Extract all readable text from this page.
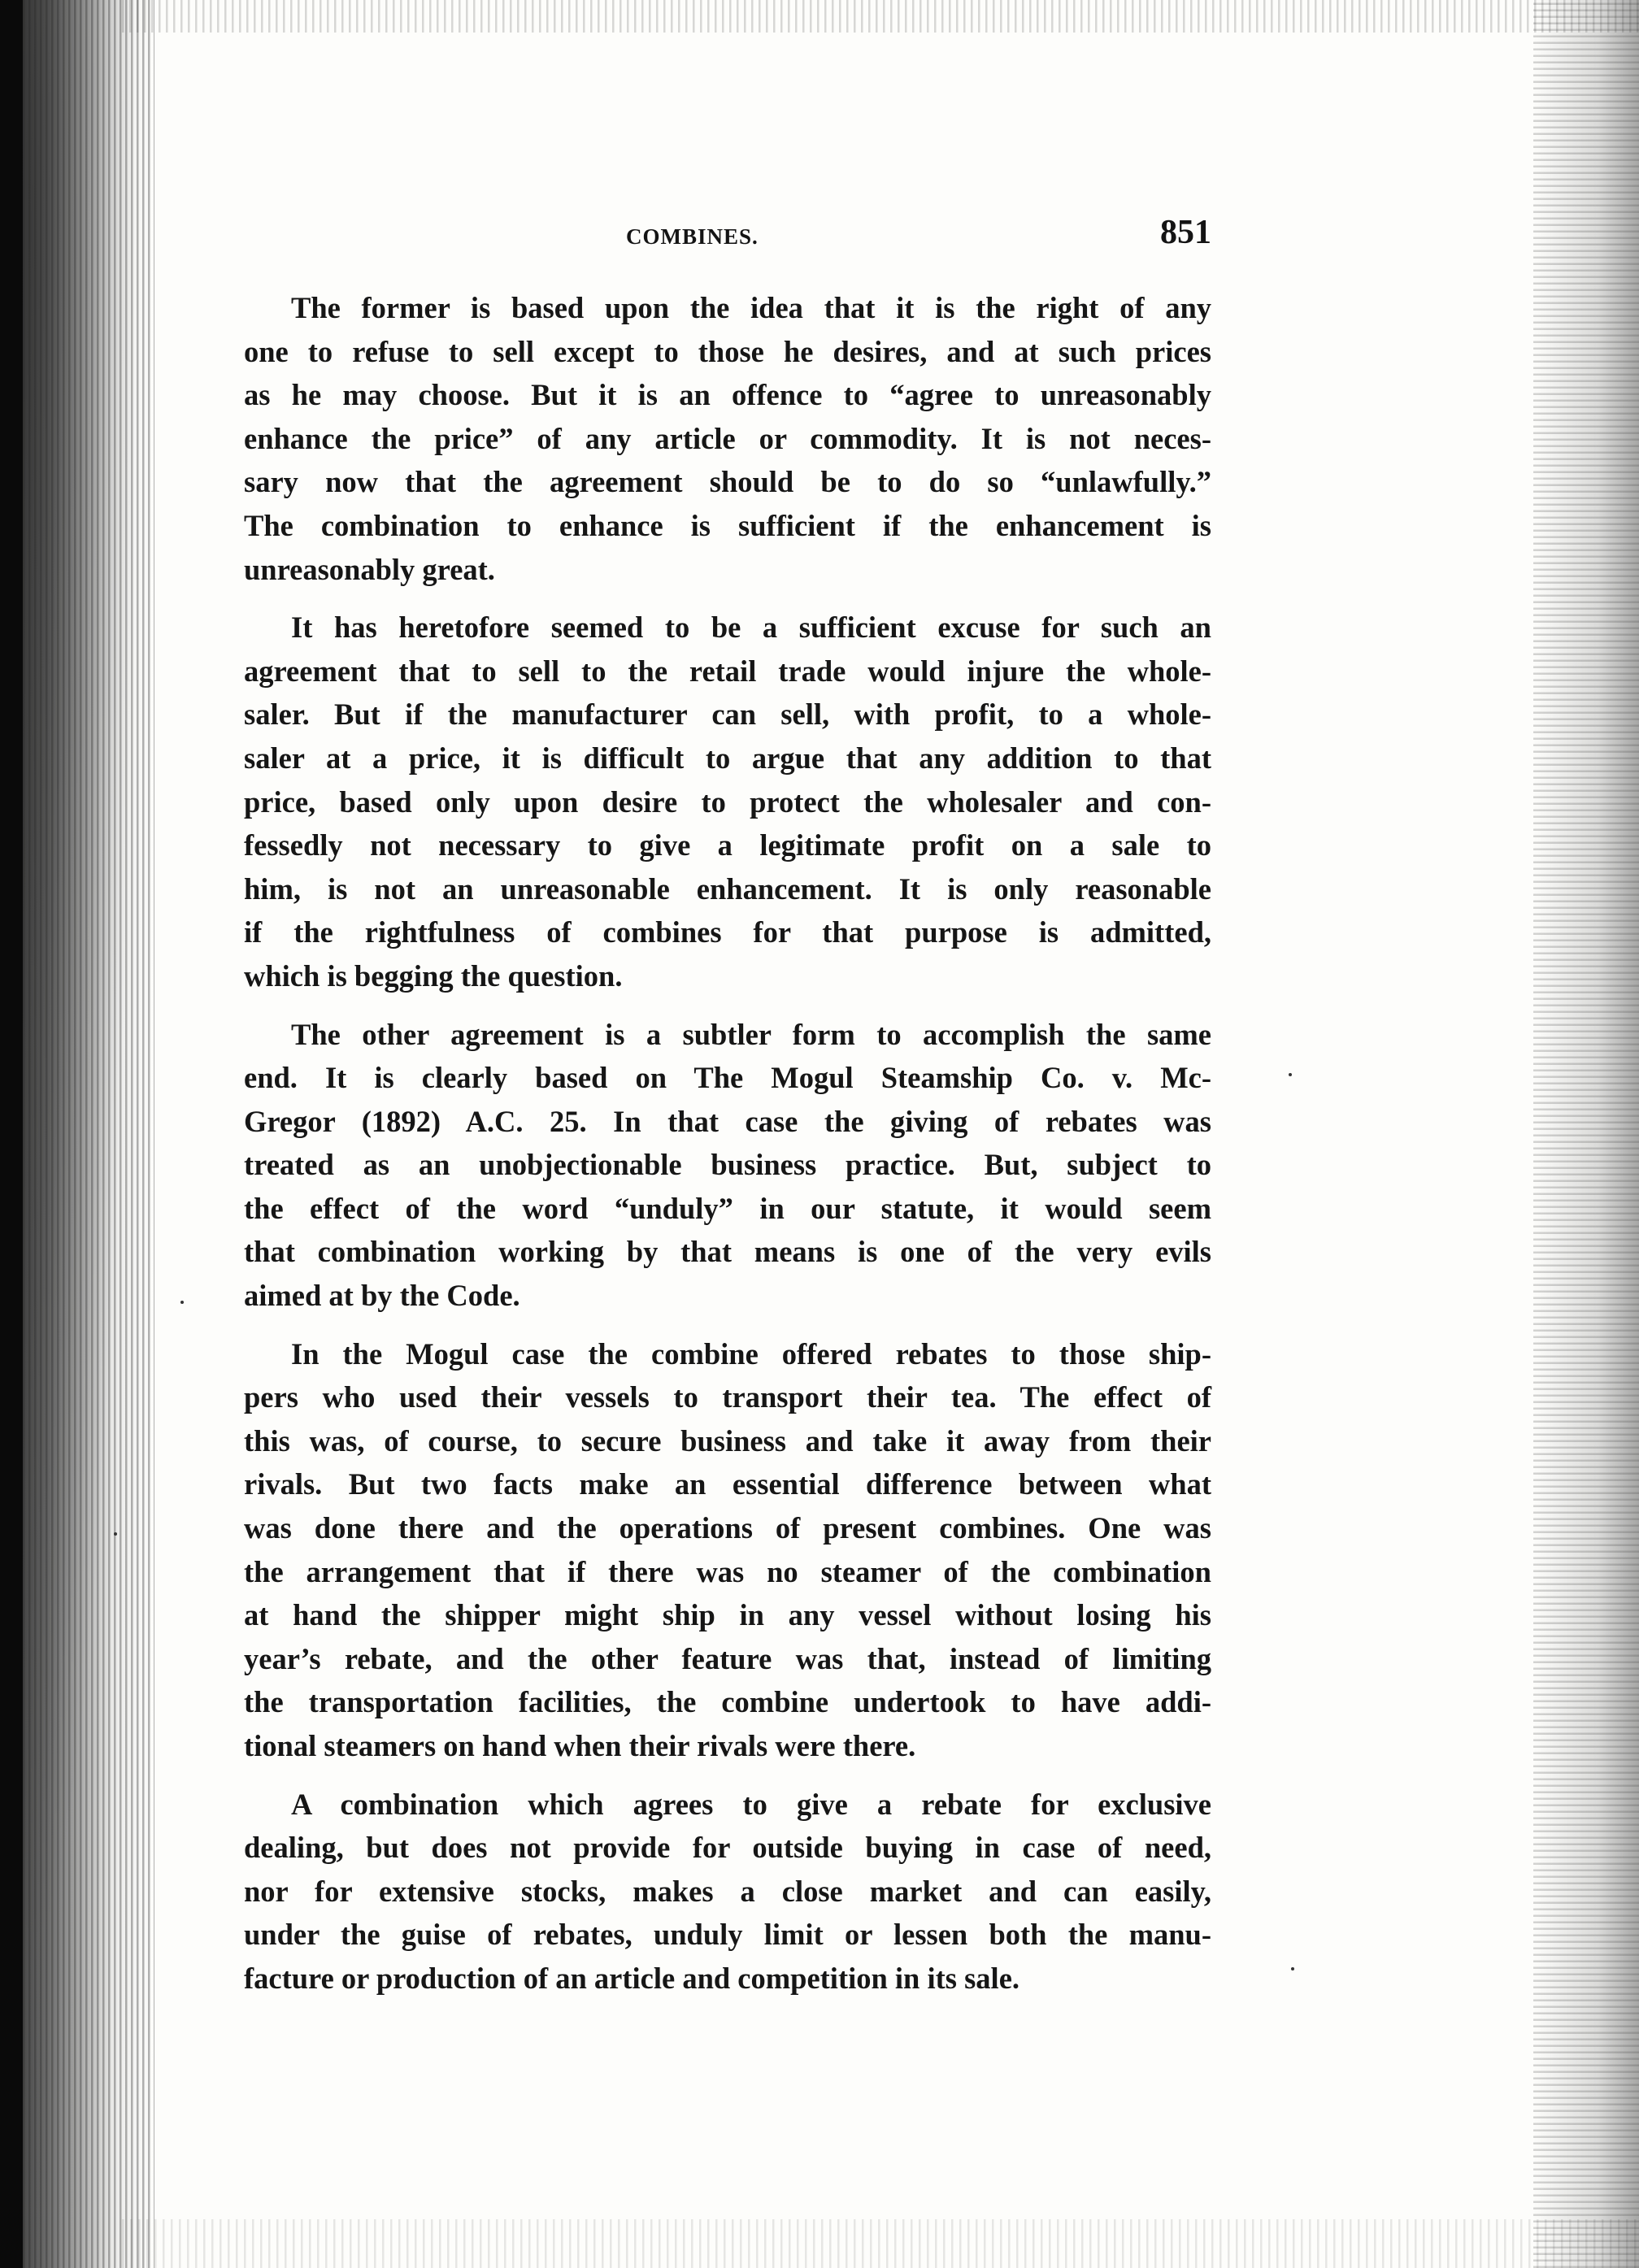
COMBINES.	851

The former is based upon the idea that it is the right of any
one to refuse to sell except to those he desires, and at such prices
as he may choose. But it is an offence to “agree to unreasonably
enhance the price” of any article or commodity. It is not neces-
sary now that the agreement should be to do so “unlawfully.”
The combination to enhance is sufficient if the enhancement is
unreasonably great.

It has heretofore seemed to be a sufficient excuse for such an
agreement that to sell to the retail trade would injure the whole-
saler. But if the manufacturer can sell, with profit, to a whole-
saler at a price, it is difficult to argue that any addition to that
price, based only upon desire to protect the wholesaler and con-
fessedly not necessary to give a legitimate profit on a sale to
him, is not an unreasonable enhancement. It is only reasonable
if the rightfulness of combines for that purpose is admitted,
which is begging the question.

The other agreement is a subtler form to accomplish the same
end. It is clearly based on The Mogul Steamship Co. v. Mc-
Gregor (1892) A.C. 25. In that case the giving of rebates was
treated as an unobjectionable business practice. But, subject to
the effect of the word “unduly” in our statute, it would seem
that combination working by that means is one of the very evils
aimed at by the Code.

In the Mogul case the combine offered rebates to those ship-
pers who used their vessels to transport their tea. The effect of
this was, of course, to secure business and take it away from their
rivals. But two facts make an essential difference between what
was done there and the operations of present combines. One was
the arrangement that if there was no steamer of the combination
at hand the shipper might ship in any vessel without losing his
year’s rebate, and the other feature was that, instead of limiting
the transportation facilities, the combine undertook to have addi-
tional steamers on hand when their rivals were there.

A combination which agrees to give a rebate for exclusive
dealing, but does not provide for outside buying in case of need,
nor for extensive stocks, makes a close market and can easily,
under the guise of rebates, unduly limit or lessen both the manu-
facture or production of an article and competition in its sale.
